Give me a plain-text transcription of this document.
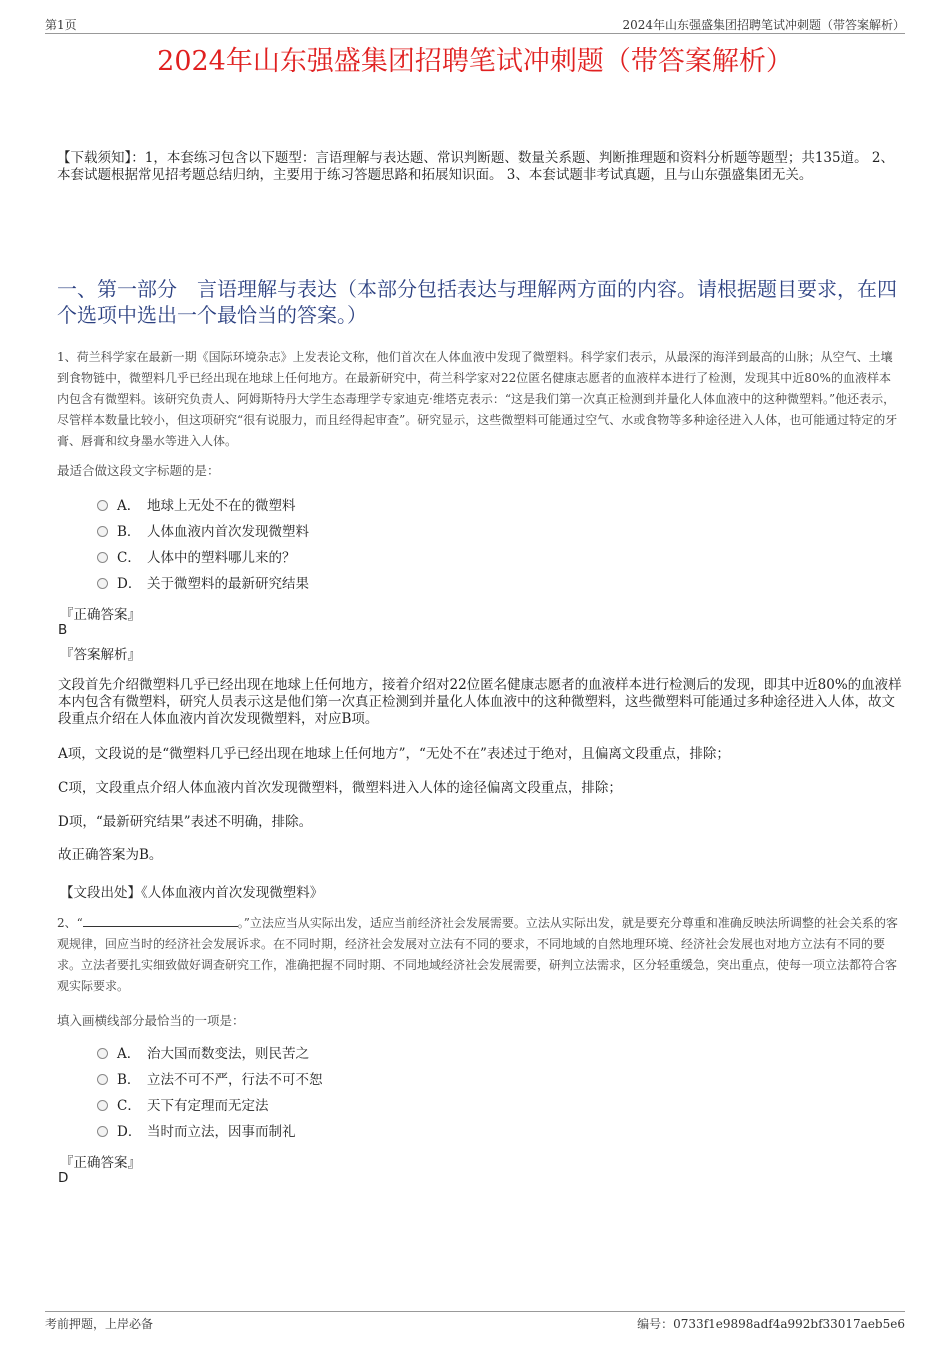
第1页	2024年山东强盛集团招聘笔试冲刺题（带答案解析）
2024年山东强盛集团招聘笔试冲刺题（带答案解析）
【下载须知】：1，本套练习包含以下题型：言语理解与表达题、常识判断题、数量关系题、判断推理题和资料分析题等题型；共135道。 2、本套试题根据常见招考题总结归纳，主要用于练习答题思路和拓展知识面。 3、本套试题非考试真题，且与山东强盛集团无关。
一、第一部分　言语理解与表达（本部分包括表达与理解两方面的内容。请根据题目要求，在四个选项中选出一个最恰当的答案。）
1、荷兰科学家在最新一期《国际环境杂志》上发表论文称，他们首次在人体血液中发现了微塑料。科学家们表示，从最深的海洋到最高的山脉；从空气、土壤到食物链中，微塑料几乎已经出现在地球上任何地方。在最新研究中，荷兰科学家对22位匿名健康志愿者的血液样本进行了检测，发现其中近80%的血液样本内包含有微塑料。该研究负责人、阿姆斯特丹大学生态毒理学专家迪克·维塔克表示：“这是我们第一次真正检测到并量化人体血液中的这种微塑料。”他还表示，尽管样本数量比较小，但这项研究“很有说服力，而且经得起审查”。研究显示，这些微塑料可能通过空气、水或食物等多种途径进入人体，也可能通过特定的牙膏、唇膏和纹身墨水等进入人体。
最适合做这段文字标题的是：
A． 地球上无处不在的微塑料
B． 人体血液内首次发现微塑料
C． 人体中的塑料哪儿来的？
D． 关于微塑料的最新研究结果
『正确答案』
B
『答案解析』
文段首先介绍微塑料几乎已经出现在地球上任何地方，接着介绍对22位匿名健康志愿者的血液样本进行检测后的发现，即其中近80%的血液样本内包含有微塑料，研究人员表示这是他们第一次真正检测到并量化人体血液中的这种微塑料，这些微塑料可能通过多种途径进入人体，故文段重点介绍在人体血液内首次发现微塑料，对应B项。
A项，文段说的是“微塑料几乎已经出现在地球上任何地方”，“无处不在”表述过于绝对，且偏离文段重点，排除；
C项，文段重点介绍人体血液内首次发现微塑料，微塑料进入人体的途径偏离文段重点，排除；
D项，“最新研究结果”表述不明确，排除。
故正确答案为B。
【文段出处】《人体血液内首次发现微塑料》
2、“	。”立法应当从实际出发，适应当前经济社会发展需要。立法从实际出发，就是要充分尊重和准确反映法所调整的社会关系的客观规律，回应当时的经济社会发展诉求。在不同时期，经济社会发展对立法有不同的要求，不同地域的自然地理环境、经济社会发展也对地方立法有不同的要求。立法者要扎实细致做好调查研究工作，准确把握不同时期、不同地域经济社会发展需要，研判立法需求，区分轻重缓急，突出重点，使每一项立法都符合客观实际要求。
填入画横线部分最恰当的一项是：
A． 治大国而数变法，则民苦之
B． 立法不可不严，行法不可不恕
C． 天下有定理而无定法
D． 当时而立法，因事而制礼
『正确答案』
D
考前押题，上岸必备	编号：0733f1e9898adf4a992bf33017aeb5e6
